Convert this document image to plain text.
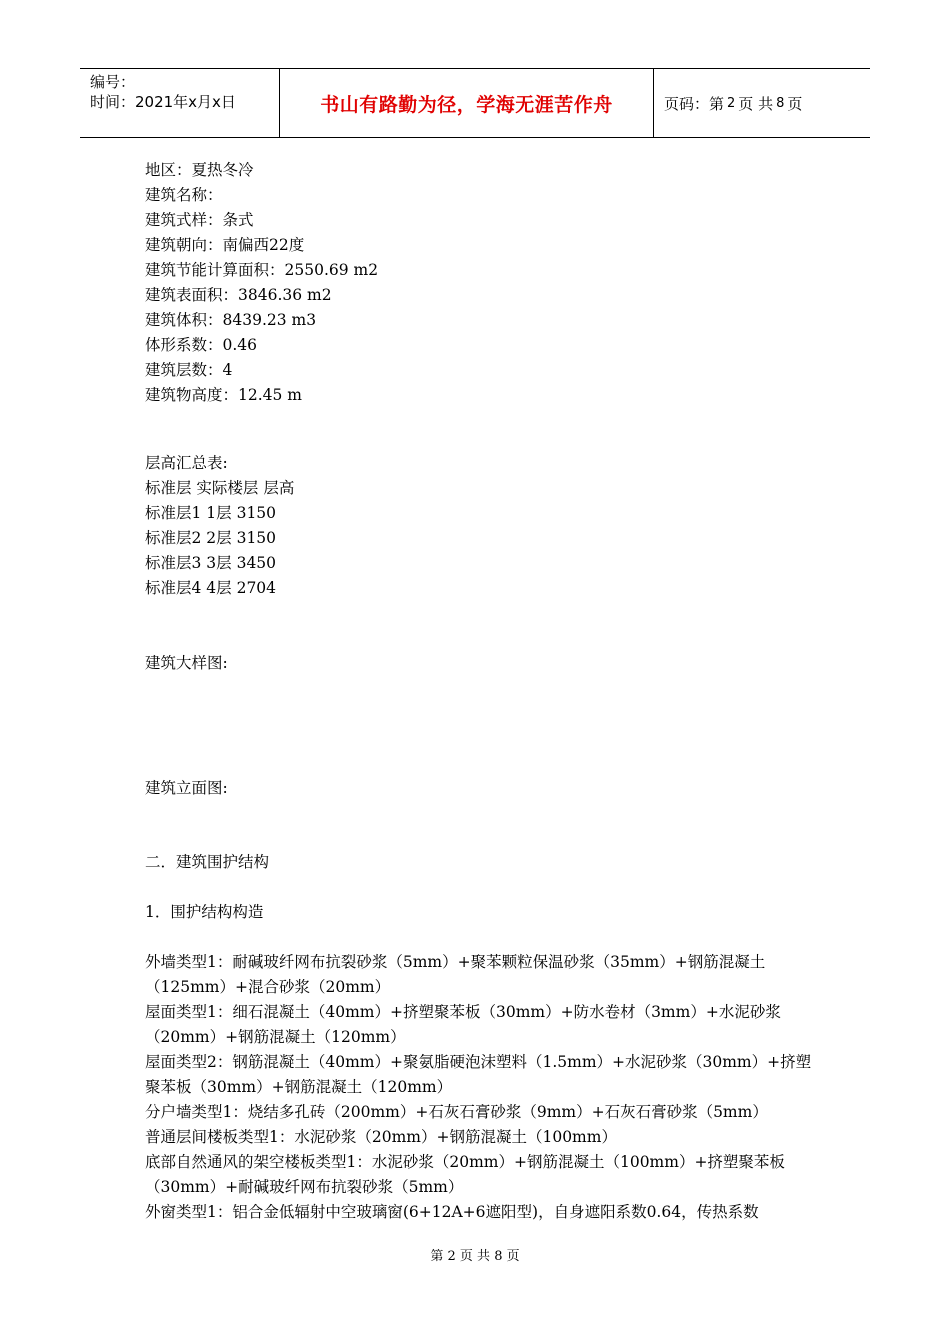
编号：
时间：2021年x月x日	书山有路勤为径，学海无涯苦作舟	页码：第 2 页 共 8 页
地区：夏热冬冷
建筑名称：
建筑式样：条式
建筑朝向：南偏西22度
建筑节能计算面积：2550.69 m2
建筑表面积：3846.36 m2
建筑体积：8439.23 m3
体形系数：0.46
建筑层数：4
建筑物高度：12.45 m
层高汇总表:
标准层 实际楼层 层高
标准层1 1层 3150
标准层2 2层 3150
标准层3 3层 3450
标准层4 4层 2704
建筑大样图:
建筑立面图:
二．建筑围护结构
1．围护结构构造
外墙类型1：耐碱玻纤网布抗裂砂浆（5mm）+聚苯颗粒保温砂浆（35mm）+钢筋混凝土（125mm）+混合砂浆（20mm）
屋面类型1：细石混凝土（40mm）+挤塑聚苯板（30mm）+防水卷材（3mm）+水泥砂浆（20mm）+钢筋混凝土（120mm）
屋面类型2：钢筋混凝土（40mm）+聚氨脂硬泡沫塑料（1.5mm）+水泥砂浆（30mm）+挤塑聚苯板（30mm）+钢筋混凝土（120mm）
分户墙类型1：烧结多孔砖（200mm）+石灰石膏砂浆（9mm）+石灰石膏砂浆（5mm）
普通层间楼板类型1：水泥砂浆（20mm）+钢筋混凝土（100mm）
底部自然通风的架空楼板类型1：水泥砂浆（20mm）+钢筋混凝土（100mm）+挤塑聚苯板（30mm）+耐碱玻纤网布抗裂砂浆（5mm）
外窗类型1：铝合金低辐射中空玻璃窗(6+12A+6遮阳型)，自身遮阳系数0.64，传热系数
第 2 页 共 8 页
